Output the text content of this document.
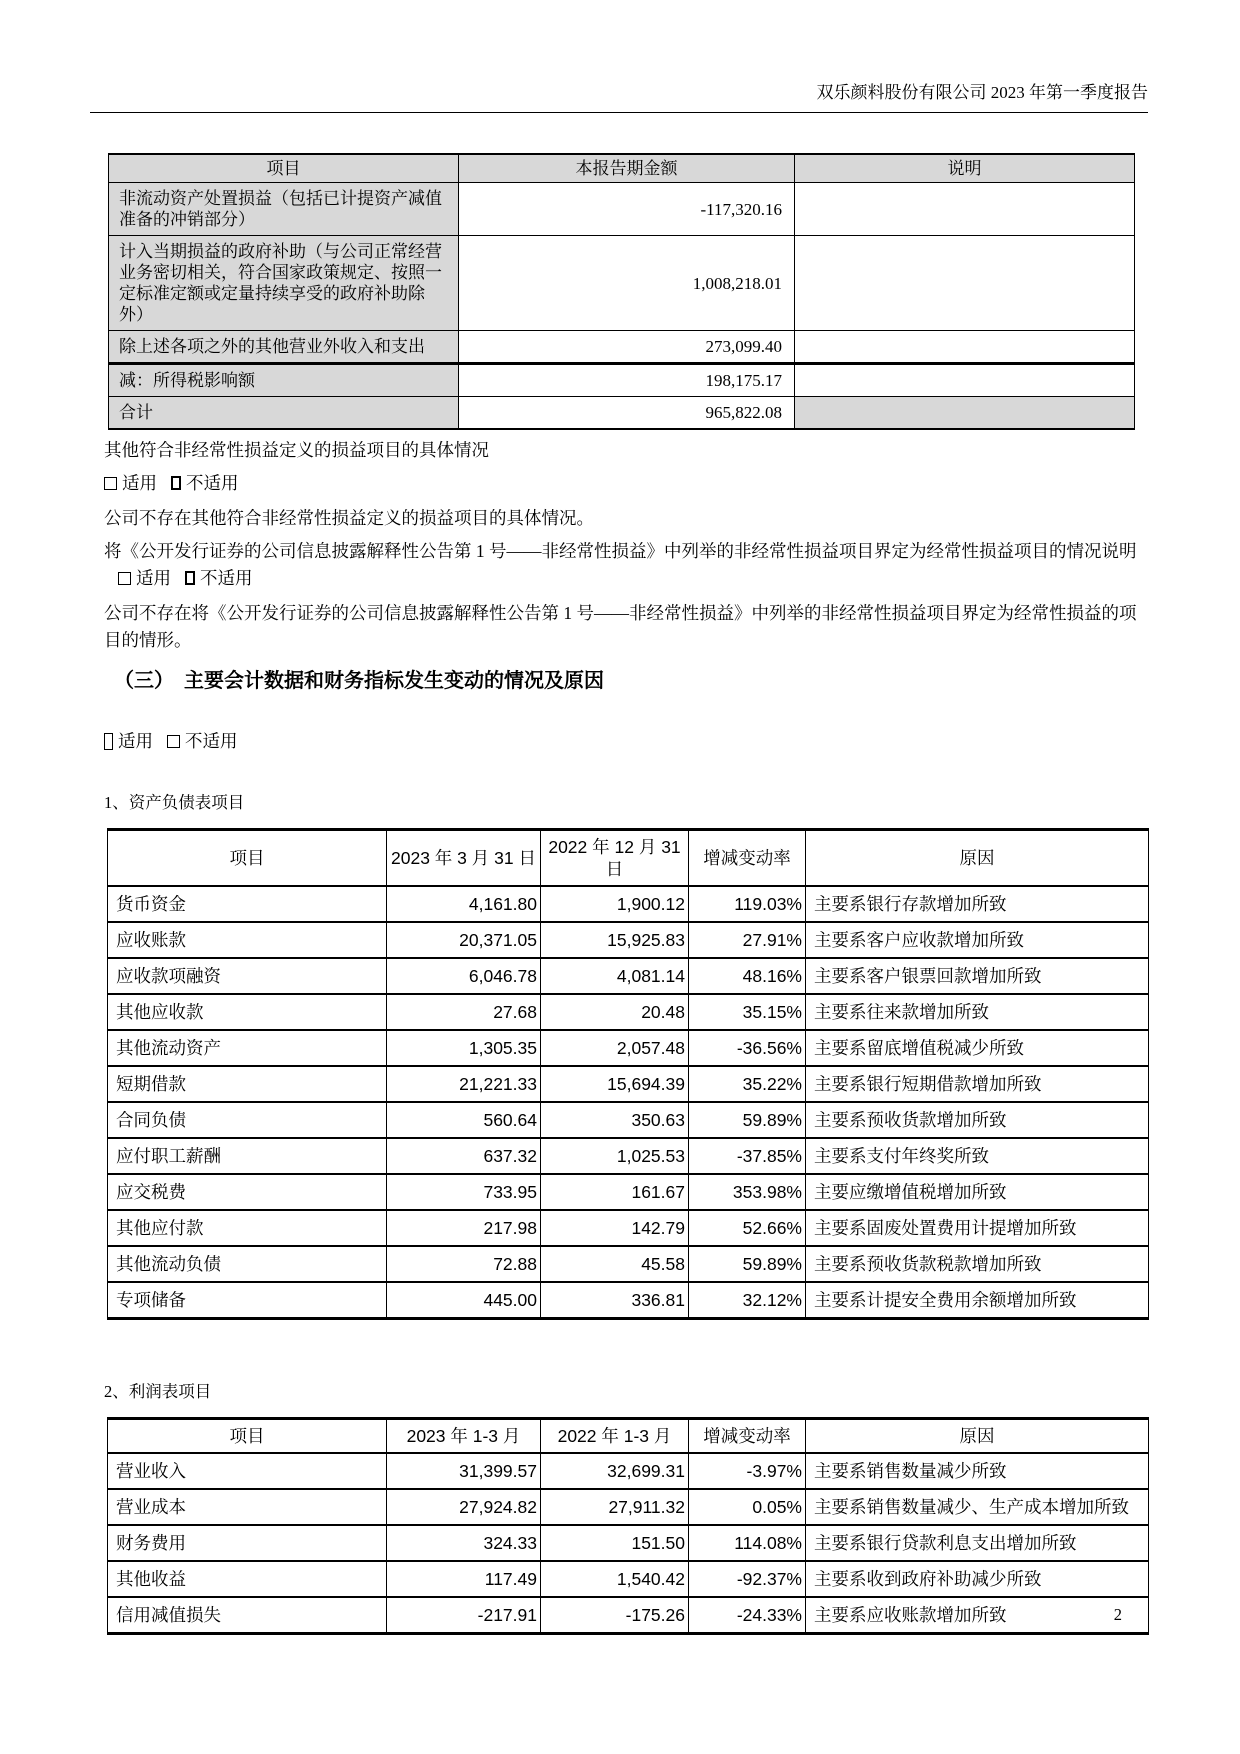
双乐颜料股份有限公司 2023 年第一季度报告
项目	本报告期金额	说明
非流动资产处置损益（包括已计提资产减值准备的冲销部分）	-117,320.16	
计入当期损益的政府补助（与公司正常经营业务密切相关，符合国家政策规定、按照一定标准定额或定量持续享受的政府补助除外）	1,008,218.01	
除上述各项之外的其他营业外收入和支出	273,099.40	
减：所得税影响额	198,175.17	
合计	965,822.08	

其他符合非经常性损益定义的损益项目的具体情况

适用 不适用

公司不存在其他符合非经常性损益定义的损益项目的具体情况。

将《公开发行证券的公司信息披露解释性公告第 1 号——非经常性损益》中列举的非经常性损益项目界定为经常性损益项目的情况说明 适用 不适用

公司不存在将《公开发行证券的公司信息披露解释性公告第 1 号——非经常性损益》中列举的非经常性损益项目界定为经常性损益的项目的情形。

（三）　主要会计数据和财务指标发生变动的情况及原因
适用 不适用
1、资产负债表项目
项目	2023 年 3 月 31 日	2022 年 12 月 31 日	增减变动率	原因
货币资金	4,161.80	1,900.12	119.03%	主要系银行存款增加所致
应收账款	20,371.05	15,925.83	27.91%	主要系客户应收款增加所致
应收款项融资	6,046.78	4,081.14	48.16%	主要系客户银票回款增加所致
其他应收款	27.68	20.48	35.15%	主要系往来款增加所致
其他流动资产	1,305.35	2,057.48	-36.56%	主要系留底增值税减少所致
短期借款	21,221.33	15,694.39	35.22%	主要系银行短期借款增加所致
合同负债	560.64	350.63	59.89%	主要系预收货款增加所致
应付职工薪酬	637.32	1,025.53	-37.85%	主要系支付年终奖所致
应交税费	733.95	161.67	353.98%	主要应缴增值税增加所致
其他应付款	217.98	142.79	52.66%	主要系固废处置费用计提增加所致
其他流动负债	72.88	45.58	59.89%	主要系预收货款税款增加所致
专项储备	445.00	336.81	32.12%	主要系计提安全费用余额增加所致
2、利润表项目
项目	2023 年 1-3 月	2022 年 1-3 月	增减变动率	原因
营业收入	31,399.57	32,699.31	-3.97%	主要系销售数量减少所致
营业成本	27,924.82	27,911.32	0.05%	主要系销售数量减少、生产成本增加所致
财务费用	324.33	151.50	114.08%	主要系银行贷款利息支出增加所致
其他收益	117.49	1,540.42	-92.37%	主要系收到政府补助减少所致
信用减值损失	-217.91	-175.26	-24.33%	主要系应收账款增加所致	2
